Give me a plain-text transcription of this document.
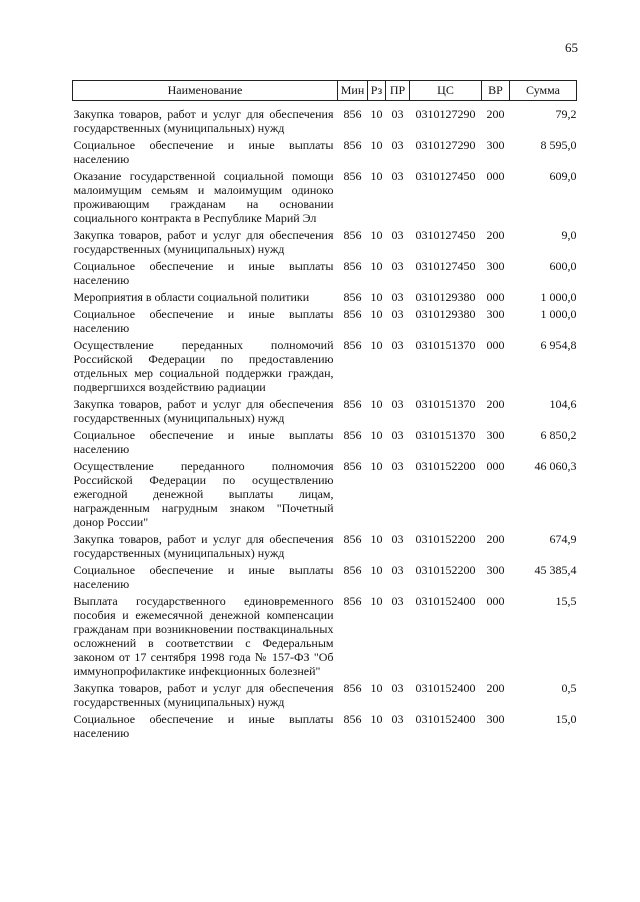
65
Наименование	Мин	Рз	ПР	ЦС	ВР	Сумма
Закупка товаров, работ и услуг для обеспечения государственных (муниципальных) нужд	856	10	03	0310127290	200	79,2
Социальное обеспечение и иные выплаты населению	856	10	03	0310127290	300	8 595,0
Оказание государственной социальной помощи малоимущим семьям и малоимущим одиноко проживающим гражданам на основании социального контракта в Республике Марий Эл	856	10	03	0310127450	000	609,0
Закупка товаров, работ и услуг для обеспечения государственных (муниципальных) нужд	856	10	03	0310127450	200	9,0
Социальное обеспечение и иные выплаты населению	856	10	03	0310127450	300	600,0
Мероприятия в области социальной политики	856	10	03	0310129380	000	1 000,0
Социальное обеспечение и иные выплаты населению	856	10	03	0310129380	300	1 000,0
Осуществление переданных полномочий Российской Федерации по предоставлению отдельных мер социальной поддержки граждан, подвергшихся воздействию радиации	856	10	03	0310151370	000	6 954,8
Закупка товаров, работ и услуг для обеспечения государственных (муниципальных) нужд	856	10	03	0310151370	200	104,6
Социальное обеспечение и иные выплаты населению	856	10	03	0310151370	300	6 850,2
Осуществление переданного полномочия Российской Федерации по осуществлению ежегодной денежной выплаты лицам, награжденным нагрудным знаком "Почетный донор России"	856	10	03	0310152200	000	46 060,3
Закупка товаров, работ и услуг для обеспечения государственных (муниципальных) нужд	856	10	03	0310152200	200	674,9
Социальное обеспечение и иные выплаты населению	856	10	03	0310152200	300	45 385,4
Выплата государственного единовременного пособия и ежемесячной денежной компенсации гражданам при возникновении поствакцинальных осложнений в соответствии с Федеральным законом от 17 сентября 1998 года № 157-ФЗ "Об иммунопрофилактике инфекционных болезней"	856	10	03	0310152400	000	15,5
Закупка товаров, работ и услуг для обеспечения государственных (муниципальных) нужд	856	10	03	0310152400	200	0,5
Социальное обеспечение и иные выплаты населению	856	10	03	0310152400	300	15,0
